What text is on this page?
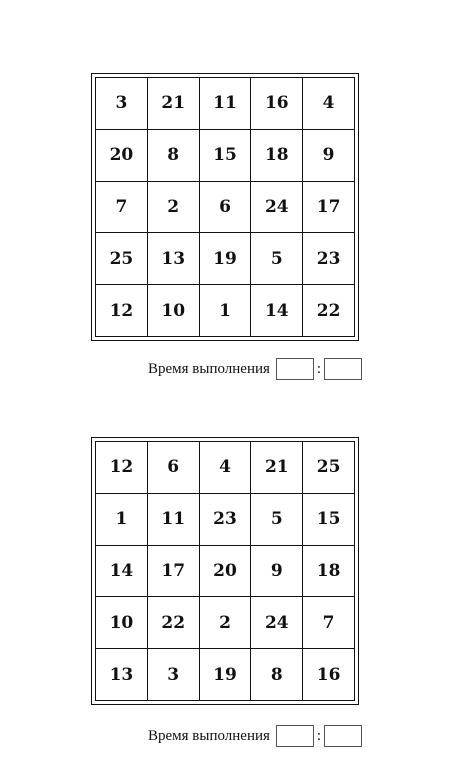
3	21	11	16	4
20	8	15	18	9
7	2	6	24	17
25	13	19	5	23
12	10	1	14	22
Время выполнения	:
12	6	4	21	25
1	11	23	5	15
14	17	20	9	18
10	22	2	24	7
13	3	19	8	16
Время выполнения	:
